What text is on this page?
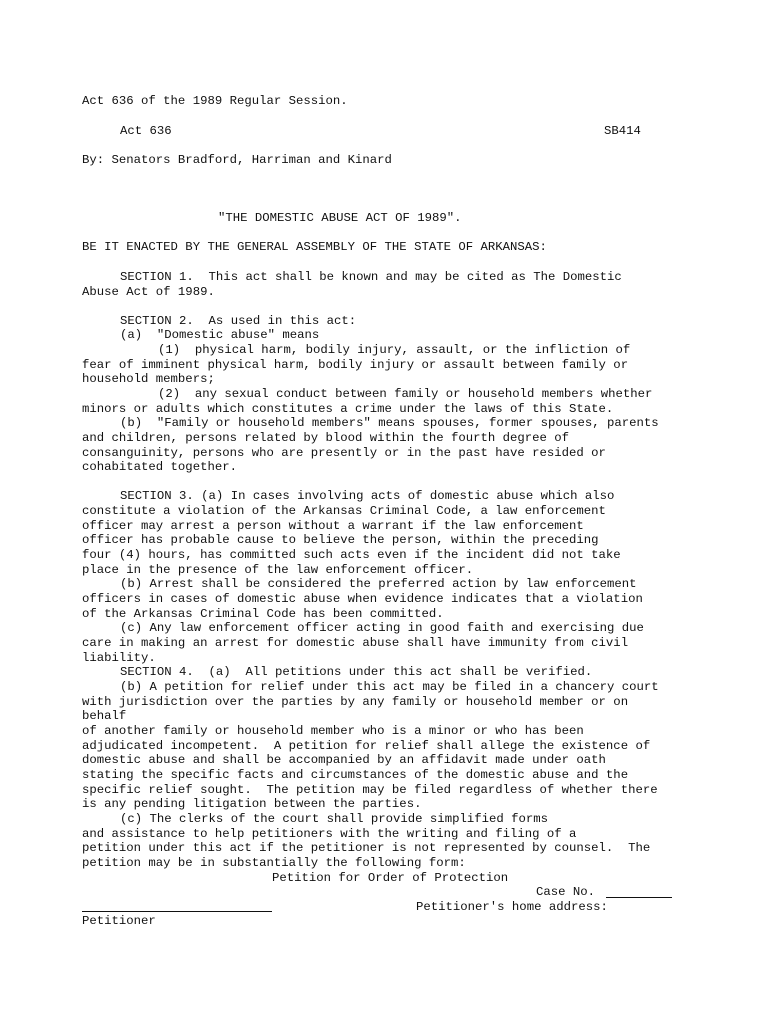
Act 636 of the 1989 Regular Session.
Act 636	SB414
By: Senators Bradford, Harriman and Kinard
"THE DOMESTIC ABUSE ACT OF 1989".
BE IT ENACTED BY THE GENERAL ASSEMBLY OF THE STATE OF ARKANSAS:
SECTION 1.  This act shall be known and may be cited as The Domestic
Abuse Act of 1989.
SECTION 2.  As used in this act:
(a)  "Domestic abuse" means
(1)  physical harm, bodily injury, assault, or the infliction of
fear of imminent physical harm, bodily injury or assault between family or
household members;
(2)  any sexual conduct between family or household members whether
minors or adults which constitutes a crime under the laws of this State.
(b)  "Family or household members" means spouses, former spouses, parents
and children, persons related by blood within the fourth degree of
consanguinity, persons who are presently or in the past have resided or
cohabitated together.
SECTION 3. (a) In cases involving acts of domestic abuse which also
constitute a violation of the Arkansas Criminal Code, a law enforcement
officer may arrest a person without a warrant if the law enforcement
officer has probable cause to believe the person, within the preceding
four (4) hours, has committed such acts even if the incident did not take
place in the presence of the law enforcement officer.
(b) Arrest shall be considered the preferred action by law enforcement
officers in cases of domestic abuse when evidence indicates that a violation
of the Arkansas Criminal Code has been committed.
(c) Any law enforcement officer acting in good faith and exercising due
care in making an arrest for domestic abuse shall have immunity from civil
liability.
SECTION 4.  (a)  All petitions under this act shall be verified.
(b) A petition for relief under this act may be filed in a chancery court
with jurisdiction over the parties by any family or household member or on
behalf
of another family or household member who is a minor or who has been
adjudicated incompetent.  A petition for relief shall allege the existence of
domestic abuse and shall be accompanied by an affidavit made under oath
stating the specific facts and circumstances of the domestic abuse and the
specific relief sought.  The petition may be filed regardless of whether there
is any pending litigation between the parties.
(c) The clerks of the court shall provide simplified forms
and assistance to help petitioners with the writing and filing of a
petition under this act if the petitioner is not represented by counsel.  The
petition may be in substantially the following form:
Petition for Order of Protection
Case No.
Petitioner's home address:
Petitioner
